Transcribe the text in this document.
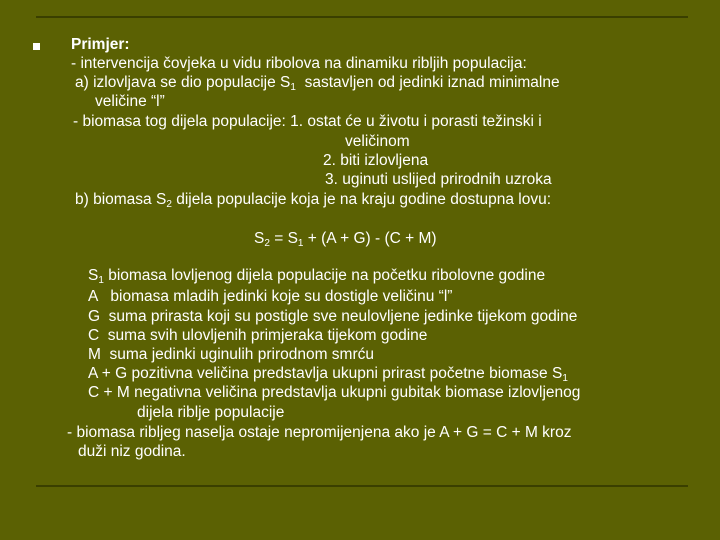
Primjer:
- intervencija čovjeka u vidu ribolova na dinamiku ribljih populacija:
a) izlovljava se dio populacije $S_1$  sastavljen od jedinki iznad minimalne
veličine “l”
- biomasa tog dijela populacije: 1. ostat će u životu i porasti težinski i
veličinom
2. biti izlovljena
3. uginuti uslijed prirodnih uzroka
b) biomasa $S_2$ dijela populacije koja je na kraju godine dostupna lovu:
$S_2 = S_1 + (A + G) - (C + M)$
$S_1$ biomasa lovljenog dijela populacije na početku ribolovne godine
A   biomasa mladih jedinki koje su dostigle veličinu “l”
G  suma prirasta koji su postigle sve neulovljene jedinke tijekom godine
C  suma svih ulovljenih primjeraka tijekom godine
M  suma jedinki uginulih prirodnom smrću
A + G pozitivna veličina predstavlja ukupni prirast početne biomase $S_1$
C + M negativna veličina predstavlja ukupni gubitak biomase izlovljenog
dijela riblje populacije
- biomasa ribljeg naselja ostaje nepromijenjena ako je A + G = C + M kroz
duži niz godina.
